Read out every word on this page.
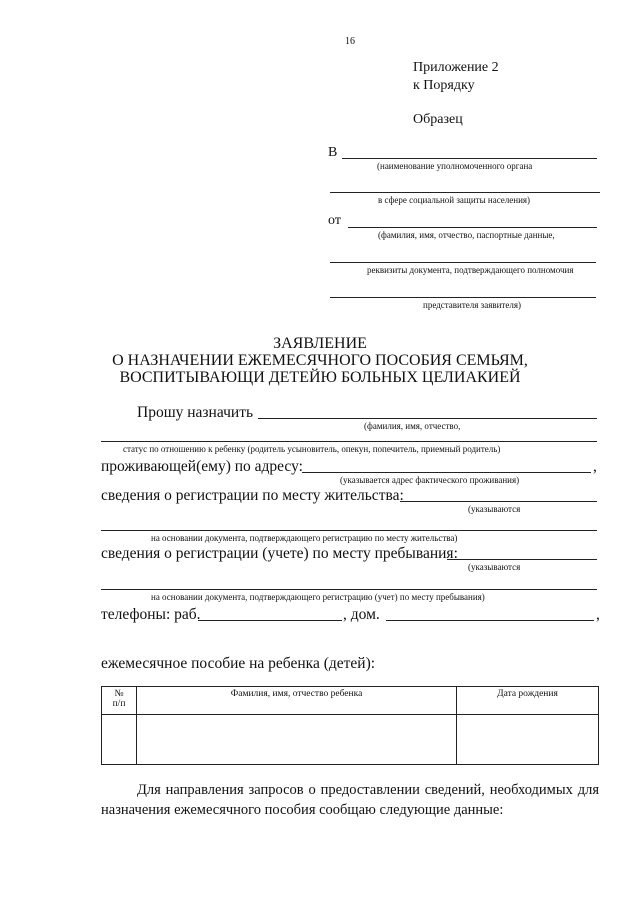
16
Приложение 2
к Порядку
Образец
В
(наименование уполномоченного органа
в сфере социальной защиты населения)
от
(фамилия, имя, отчество, паспортные данные,
реквизиты документа, подтверждающего полномочия
представителя заявителя)
ЗАЯВЛЕНИЕ
О НАЗНАЧЕНИИ ЕЖЕМЕСЯЧНОГО ПОСОБИЯ СЕМЬЯМ,
ВОСПИТЫВАЮЩИ ДЕТЕЙЮ БОЛЬНЫХ ЦЕЛИАКИЕЙ
Прошу назначить
(фамилия, имя, отчество,
статус по отношению к ребенку (родитель усыновитель, опекун, попечитель, приемный родитель)
проживающей(ему) по адресу:	,
(указывается адрес фактического проживания)
сведения о регистрации по месту жительства:
(указываются
на основании документа, подтверждающего регистрацию по месту жительства)
сведения о регистрации (учете) по месту пребывания:
(указываются
на основании документа, подтверждающего регистрацию (учет) по месту пребывания)
телефоны: раб.	, дом.	,
ежемесячное пособие на ребенка (детей):
№
п/п	Фамилия, имя, отчество ребенка	Дата рождения

Для направления запросов о предоставлении сведений, необходимых для назначения ежемесячного пособия сообщаю следующие данные:
